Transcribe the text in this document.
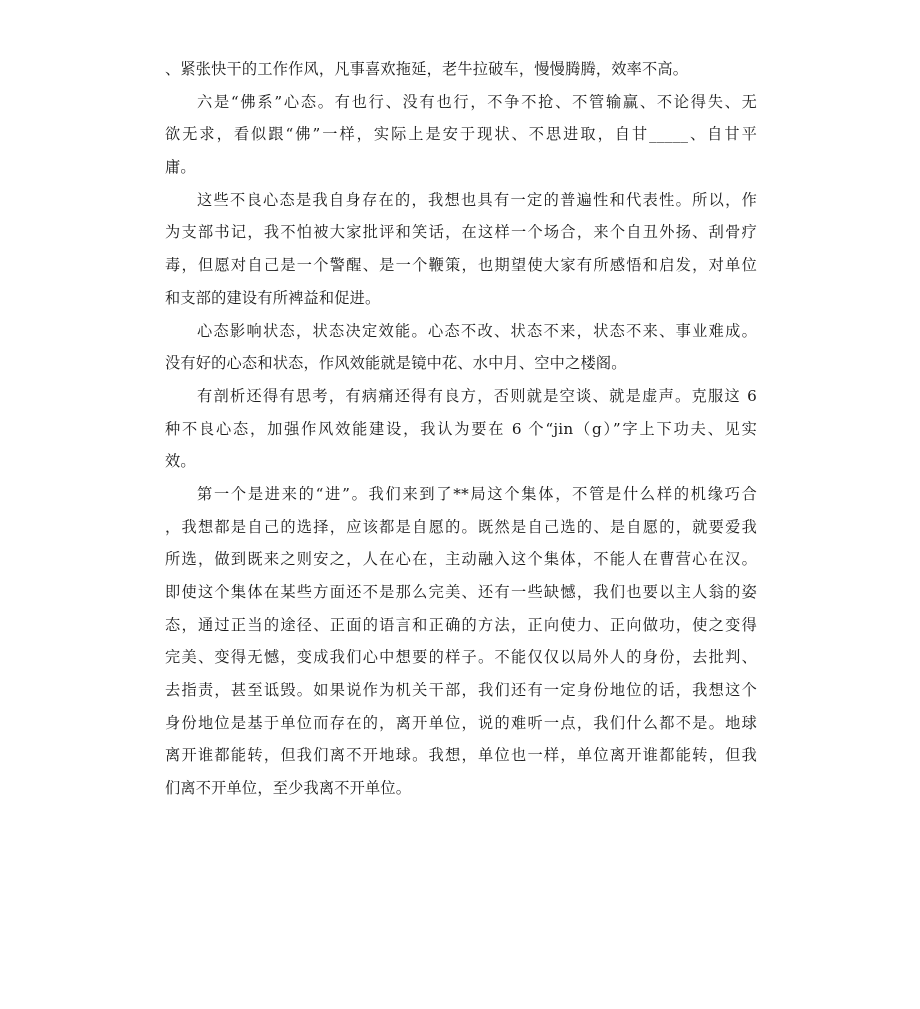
、紧张快干的工作作风，凡事喜欢拖延，老牛拉破车，慢慢腾腾，效率不高。
六是“佛系”心态。有也行、没有也行，不争不抢、不管输赢、不论得失、无
欲无求，看似跟“佛”一样，实际上是安于现状、不思进取，自甘_____、自甘平
庸。
这些不良心态是我自身存在的，我想也具有一定的普遍性和代表性。所以，作
为支部书记，我不怕被大家批评和笑话，在这样一个场合，来个自丑外扬、刮骨疗
毒，但愿对自己是一个警醒、是一个鞭策，也期望使大家有所感悟和启发，对单位
和支部的建设有所裨益和促进。
心态影响状态，状态决定效能。心态不改、状态不来，状态不来、事业难成。
没有好的心态和状态，作风效能就是镜中花、水中月、空中之楼阁。
有剖析还得有思考，有病痛还得有良方，否则就是空谈、就是虚声。克服这 6
种不良心态，加强作风效能建设，我认为要在 6 个“jin（g）”字上下功夫、见实
效。
第一个是进来的“进”。我们来到了**局这个集体，不管是什么样的机缘巧合
，我想都是自己的选择，应该都是自愿的。既然是自己选的、是自愿的，就要爱我
所选，做到既来之则安之，人在心在，主动融入这个集体，不能人在曹营心在汉。
即使这个集体在某些方面还不是那么完美、还有一些缺憾，我们也要以主人翁的姿
态，通过正当的途径、正面的语言和正确的方法，正向使力、正向做功，使之变得
完美、变得无憾，变成我们心中想要的样子。不能仅仅以局外人的身份，去批判、
去指责，甚至诋毁。如果说作为机关干部，我们还有一定身份地位的话，我想这个
身份地位是基于单位而存在的，离开单位，说的难听一点，我们什么都不是。地球
离开谁都能转，但我们离不开地球。我想，单位也一样，单位离开谁都能转，但我
们离不开单位，至少我离不开单位。
